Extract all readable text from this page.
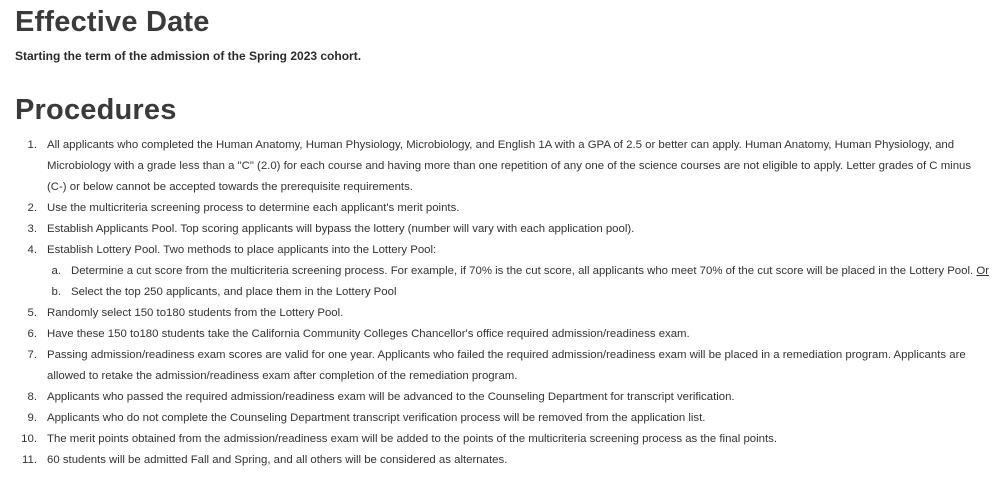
Effective Date

Starting the term of the admission of the Spring 2023 cohort.

Procedures
1. All applicants who completed the Human Anatomy, Human Physiology, Microbiology, and English 1A with a GPA of 2.5 or better can apply. Human Anatomy, Human Physiology, and Microbiology with a grade less than a "C" (2.0) for each course and having more than one repetition of any one of the science courses are not eligible to apply. Letter grades of C minus (C-) or below cannot be accepted towards the prerequisite requirements.
2. Use the multicriteria screening process to determine each applicant's merit points.
3. Establish Applicants Pool. Top scoring applicants will bypass the lottery (number will vary with each application pool).
4. Establish Lottery Pool. Two methods to place applicants into the Lottery Pool:
a. Determine a cut score from the multicriteria screening process. For example, if 70% is the cut score, all applicants who meet 70% of the cut score will be placed in the Lottery Pool. Or
b. Select the top 250 applicants, and place them in the Lottery Pool
5. Randomly select 150 to180 students from the Lottery Pool.
6. Have these 150 to180 students take the California Community Colleges Chancellor's office required admission/readiness exam.
7. Passing admission/readiness exam scores are valid for one year. Applicants who failed the required admission/readiness exam will be placed in a remediation program. Applicants are allowed to retake the admission/readiness exam after completion of the remediation program.
8. Applicants who passed the required admission/readiness exam will be advanced to the Counseling Department for transcript verification.
9. Applicants who do not complete the Counseling Department transcript verification process will be removed from the application list.
10. The merit points obtained from the admission/readiness exam will be added to the points of the multicriteria screening process as the final points.
11. 60 students will be admitted Fall and Spring, and all others will be considered as alternates.
